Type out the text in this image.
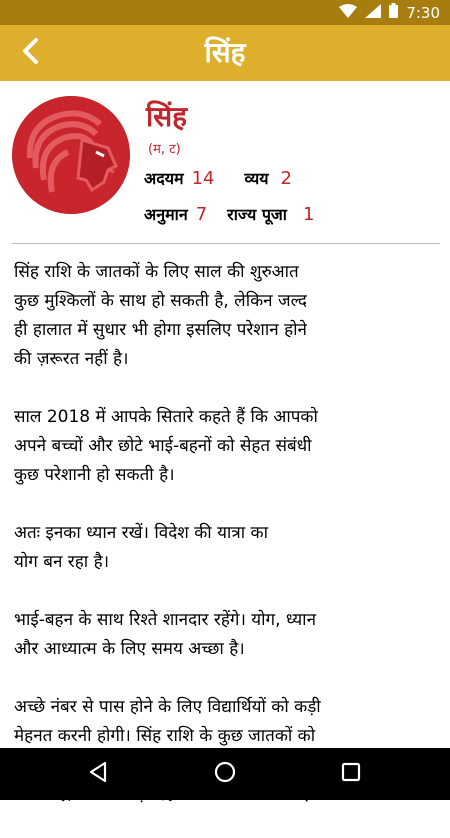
7:30
सिंह
सिंह
(म, ट)
अदयम 14 व्यय 2
अनुमान 7 राज्य पूजा 1

सिंह राशि के जातकों के लिए साल की शुरुआत
कुछ मुश्किलों के साथ हो सकती है, लेकिन जल्द
ही हालात में सुधार भी होगा इसलिए परेशान होने
की ज़रूरत नहीं है।

साल 2018 में आपके सितारे कहते हैं कि आपको
अपने बच्चों और छोटे भाई-बहनों को सेहत संबंधी
कुछ परेशानी हो सकती है।

अतः इनका ध्यान रखें। विदेश की यात्रा का
योग बन रहा है।

भाई-बहन के साथ रिश्ते शानदार रहेंगे। योग, ध्यान
और आध्यात्म के लिए समय अच्छा है।

अच्छे नंबर से पास होने के लिए विद्यार्थियों को कड़ी
मेहनत करनी होगी। सिंह राशि के कुछ जातकों को
